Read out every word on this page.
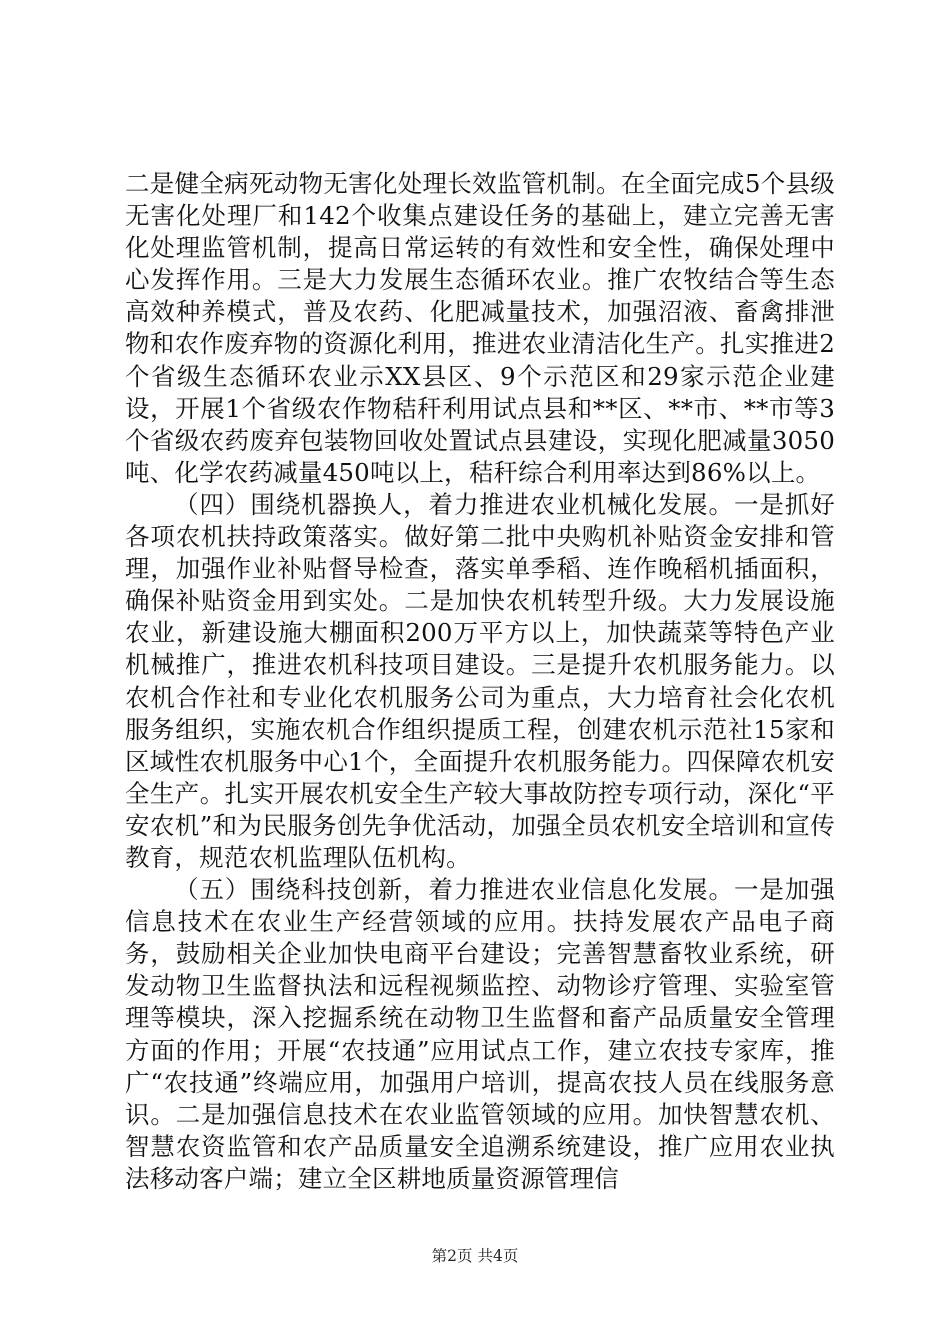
二是健全病死动物无害化处理长效监管机制。在全面完成5个县级无害化处理厂和142个收集点建设任务的基础上，建立完善无害化处理监管机制，提高日常运转的有效性和安全性，确保处理中心发挥作用。三是大力发展生态循环农业。推广农牧结合等生态高效种养模式，普及农药、化肥减量技术，加强沼液、畜禽排泄物和农作废弃物的资源化利用，推进农业清洁化生产。扎实推进2个省级生态循环农业示XX县区、9个示范区和29家示范企业建设，开展1个省级农作物秸秆利用试点县和**区、**市、**市等3个省级农药废弃包装物回收处置试点县建设，实现化肥减量3050吨、化学农药减量450吨以上，秸秆综合利用率达到86%以上。

（四）围绕机器换人，着力推进农业机械化发展。一是抓好各项农机扶持政策落实。做好第二批中央购机补贴资金安排和管理，加强作业补贴督导检查，落实单季稻、连作晚稻机插面积，确保补贴资金用到实处。二是加快农机转型升级。大力发展设施农业，新建设施大棚面积200万平方以上，加快蔬菜等特色产业机械推广，推进农机科技项目建设。三是提升农机服务能力。以农机合作社和专业化农机服务公司为重点，大力培育社会化农机服务组织，实施农机合作组织提质工程，创建农机示范社15家和区域性农机服务中心1个，全面提升农机服务能力。四保障农机安全生产。扎实开展农机安全生产较大事故防控专项行动，深化“平安农机”和为民服务创先争优活动，加强全员农机安全培训和宣传教育，规范农机监理队伍机构。

（五）围绕科技创新，着力推进农业信息化发展。一是加强信息技术在农业生产经营领域的应用。扶持发展农产品电子商务，鼓励相关企业加快电商平台建设；完善智慧畜牧业系统，研发动物卫生监督执法和远程视频监控、动物诊疗管理、实验室管理等模块，深入挖掘系统在动物卫生监督和畜产品质量安全管理方面的作用；开展“农技通”应用试点工作，建立农技专家库，推广“农技通”终端应用，加强用户培训，提高农技人员在线服务意识。二是加强信息技术在农业监管领域的应用。加快智慧农机、智慧农资监管和农产品质量安全追溯系统建设，推广应用农业执法移动客户端；建立全区耕地质量资源管理信

第2页 共4页
